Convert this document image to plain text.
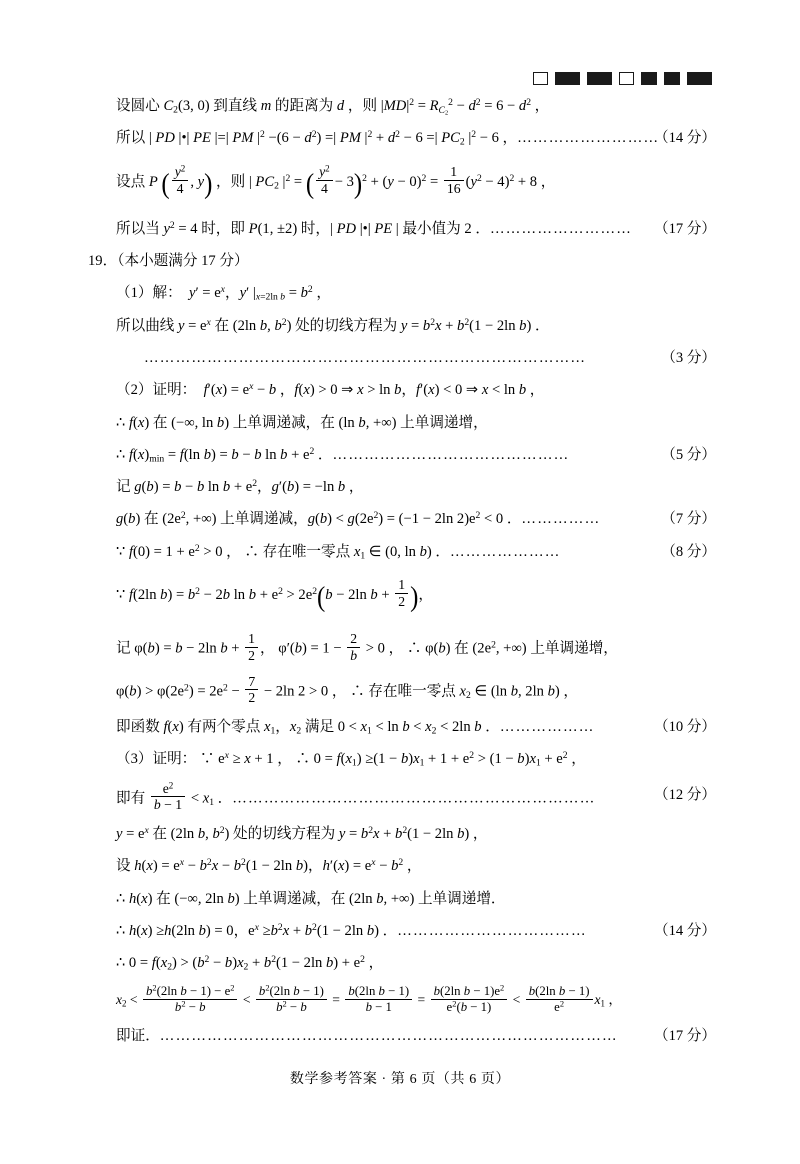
设圆心 $C_2(3$, 0) 到直线 m 的距离为 d ，则 $|MD|^2 = R_{C_2}^2 - d^2 = 6 - d^2$ ，
（14 分）
所以 | PD |•| PE |=| PM $|^2 -(6 - d^2)$ =| PM $|^2 + d^2 - 6$ =| $PC_2$ $|^2 - 6$ ，………………………
设点 P ( $\frac{y^2}{4}$ , y) ，则 | $PC_2$ $|^2$ = ( $\frac{y^2}{4} - 3)^2 + (y - 0)^2 = \frac{1}{16} (y^2 - 4)^2 + 8$ ，
（17 分）
所以当 $y^2 = 4$ 时，即 P(1, ±2) 时，| PD |•| PE | 最小值为 2 ．………………………
19．（本小题满分 17 分）
（1）解：  $y' = e^x$，y′ $|_{x=2ln b} = b^2$ ，
所以曲线 $y = e^x$ 在 (2ln b, $b^2$) 处的切线方程为 $y = b^2x + b^2(1 - 2\ln$ b) ．
（3 分）
…………………………………………………………………………
（2）证明：  $f'(x) = e^x - b$ ，f(x) > 0 ⇒ x > ln b，f′(x) < 0 ⇒ x < ln b ，
∴ f(x) 在 (−∞, ln b) 上单调递减，在 (ln b, +∞) 上单调递增，
（5 分）
∴ $f(x)_{min} = f(\ln$ b) = b − b $\ln b + e^2$ ．………………………………………
记 g(b) = b − b $\ln b + e^2$，g′(b) = −ln b ，
（7 分）
g(b) 在 ($2e^2$, +∞) 上单调递减，$g(b) < g(2e^2) = (-1 - 2\ln$ $2)e^2 < 0$ ．……………
（8 分）
∵ $f(0) = 1 + e^2 > 0$ ， ∴ 存在唯一零点 $x_1$ ∈ (0, ln b) ．…………………
∵ f(2ln $b) = b^2 - 2b$ $\ln b + e^2 > 2e^2(b - 2\ln$ $b + \frac{1}{2}$ )，
记 φ(b) = b − 2ln $b + \frac{1}{2}$ ， $\varphi'(b) = 1 - \frac{2}{b} > 0$ ， ∴ φ(b) 在 ($2e^2$, +∞) 上单调递增，
$\varphi(b) > \varphi(2e^2) = 2e^2 - \frac{7}{2} - 2\ln$ 2 > 0 ， ∴ 存在唯一零点 $x_2$ ∈ (ln b, 2ln b) ，
（10 分）
即函数 f(x) 有两个零点 $x_1$，$x_2$ 满足 $0 < x_1 < \ln b < x_2 < 2\ln$ b ．………………
（3）证明： ∵ $e^x \ge x + 1$ ， ∴ $0 = f(x_1) \ge(1 - b)x_1 + 1 + e^2 > (1 - b)x_1 + e^2$ ，
（12 分）
即有 $\frac{e^2}{b - 1} < x_1$ ．……………………………………………………………
$y = e^x$ 在 (2ln b, $b^2$) 处的切线方程为 $y = b^2x + b^2(1 - 2\ln$ b) ，
设 $h(x) = e^x - b^2x - b^2(1 - 2\ln$ b)，$h'(x) = e^x - b^2$ ，
∴ h(x) 在 (−∞, 2ln b) 上单调递减，在 (2ln b, +∞) 上单调递增．
（14 分）
∴ h(x) ≥h(2ln b) = 0，$e^x \ge b^2x + b^2(1 - 2\ln$ b) ．………………………………
∴ $0 = f(x_2) > (b^2 - b)x_2 + b^2(1 - 2\ln$ $b) + e^2$ ，
$x_2 < \frac{b^2(2\ln b - 1) - e^2}{b^2 - b} < \frac{b^2(2\ln b - 1)}{b^2 - b} = \frac{\text{b(2ln b − 1)}}{b - 1} = \frac{b(2\ln b - 1)e^2}{e^2(b - 1)} < \frac{\text{b(2ln b − 1)}}{e^2} x_1$ ，
（17 分）
即证．……………………………………………………………………………
数学参考答案 · 第 6 页（共 6 页）
